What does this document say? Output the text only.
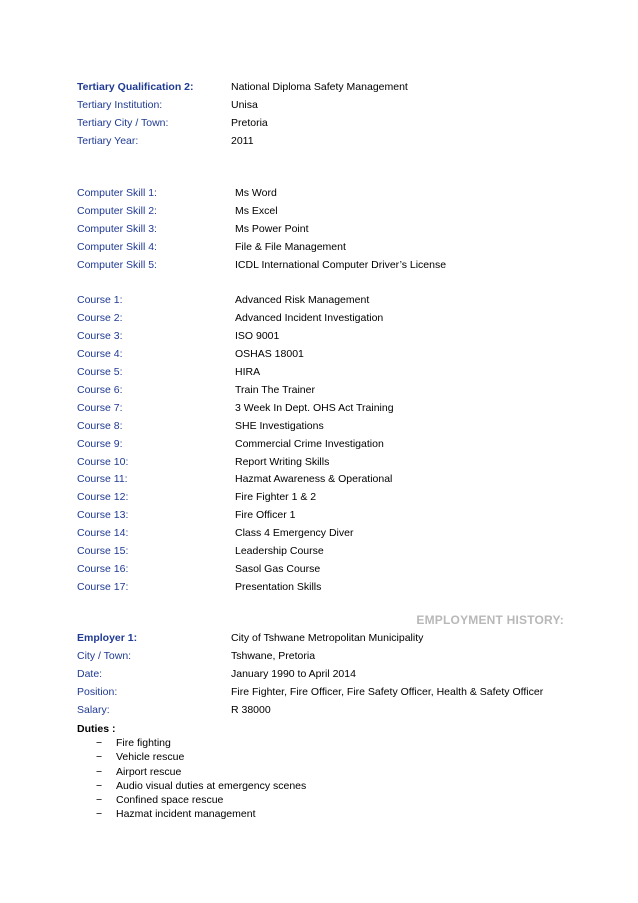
Tertiary Qualification 2:	National Diploma Safety Management
Tertiary Institution:	Unisa
Tertiary City / Town:	Pretoria
Tertiary Year:	2011
Computer Skill 1:	Ms Word
Computer Skill 2:	Ms Excel
Computer Skill 3:	Ms Power Point
Computer Skill 4:	File & File Management
Computer Skill 5:	ICDL International Computer Driver’s License
Course 1:	Advanced Risk Management
Course 2:	Advanced Incident Investigation
Course 3:	ISO 9001
Course 4:	OSHAS 18001
Course 5:	HIRA
Course 6:	Train The Trainer
Course 7:	3 Week In Dept. OHS Act Training
Course 8:	SHE Investigations
Course 9:	Commercial Crime Investigation
Course 10:	Report Writing Skills
Course 11:	Hazmat Awareness & Operational
Course 12:	Fire Fighter 1 & 2
Course 13:	Fire Officer 1
Course 14:	Class 4 Emergency Diver
Course 15:	Leadership Course
Course 16:	Sasol Gas Course
Course 17:	Presentation Skills
EMPLOYMENT HISTORY:
Employer 1:	City of Tshwane Metropolitan Municipality
City / Town:	Tshwane, Pretoria
Date:	January 1990 to April 2014
Position:	Fire Fighter, Fire Officer, Fire Safety Officer, Health & Safety Officer
Salary:	R 38000
Duties :
− Fire fighting
− Vehicle rescue
− Airport rescue
− Audio visual duties at emergency scenes
− Confined space rescue
− Hazmat incident management
